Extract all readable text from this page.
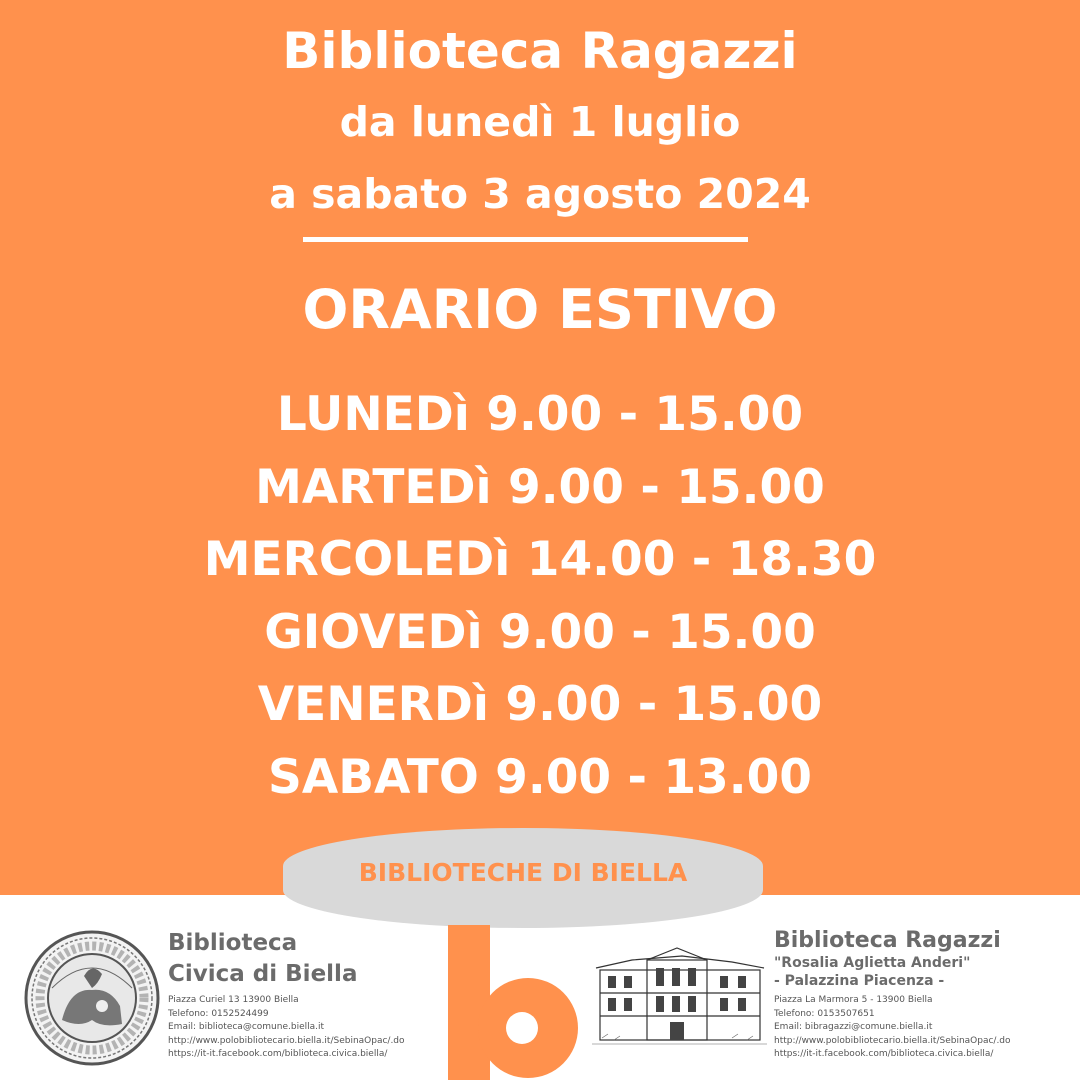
Biblioteca Ragazzi
da lunedì 1 luglio
a sabato 3 agosto 2024
ORARIO ESTIVO
LUNEDì 9.00 - 15.00
MARTEDì 9.00 - 15.00
MERCOLEDì 14.00 - 18.30
GIOVEDì 9.00 - 15.00
VENERDì 9.00 - 15.00
SABATO 9.00 - 13.00
BIBLIOTECHE DI BIELLA
Biblioteca
Civica di Biella
Piazza Curiel 13 13900 Biella
Telefono: 0152524499
Email: biblioteca@comune.biella.it
http://www.polobibliotecario.biella.it/SebinaOpac/.do
https://it-it.facebook.com/biblioteca.civica.biella/
Biblioteca Ragazzi
"Rosalia Aglietta Anderi"
- Palazzina Piacenza -
Piazza La Marmora 5 - 13900 Biella
Telefono: 0153507651
Email: bibragazzi@comune.biella.it
http://www.polobibliotecario.biella.it/SebinaOpac/.do
https://it-it.facebook.com/biblioteca.civica.biella/
